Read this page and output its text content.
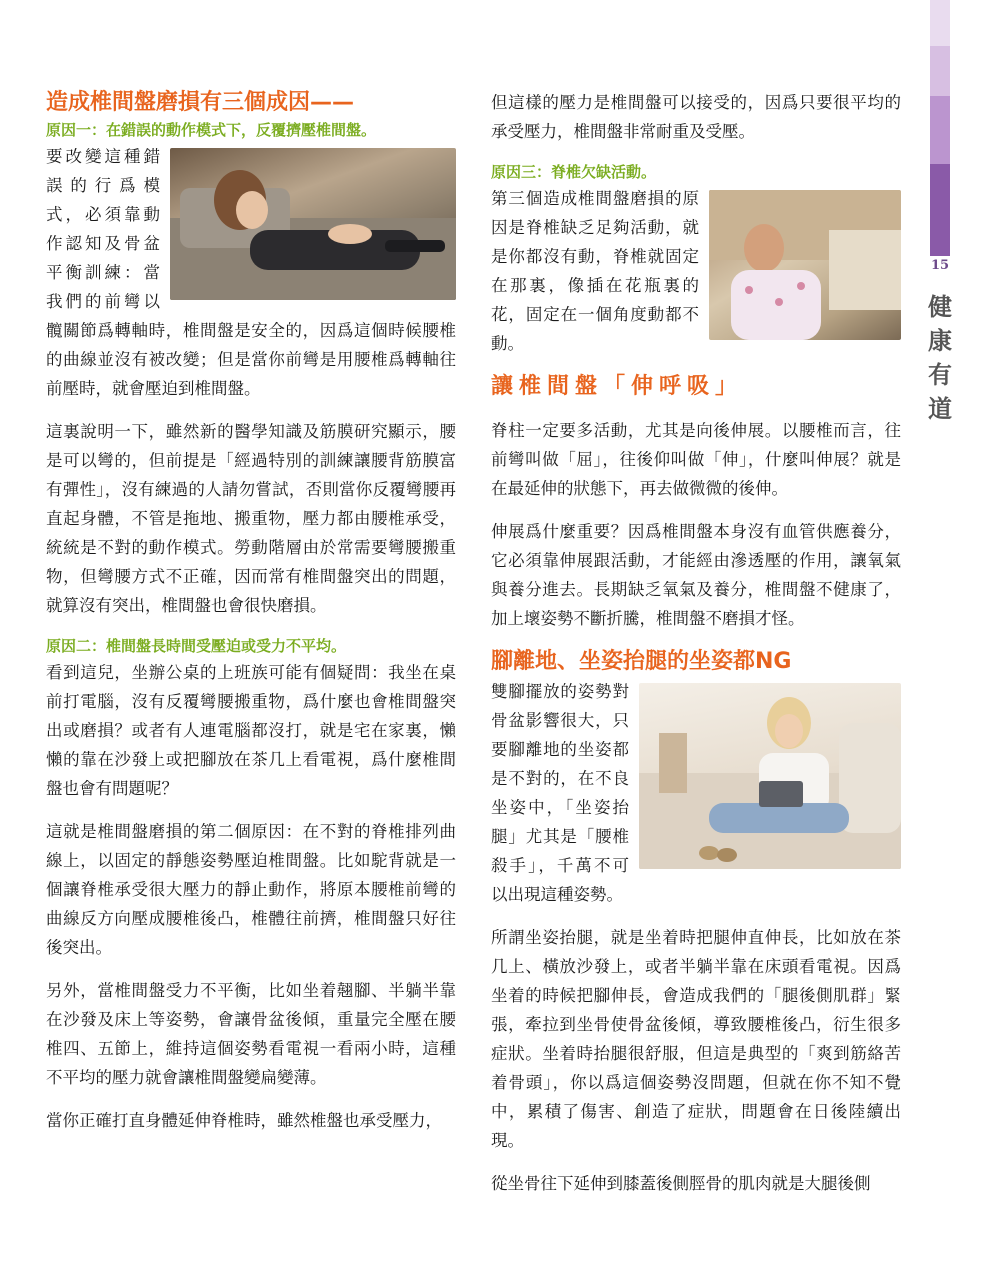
15
健
康
有
道
造成椎間盤磨損有三個成因——
原因一：在錯誤的動作模式下，反覆擠壓椎間盤。

要改變這種錯誤的行爲模式，必須靠動作認知及骨盆平衡訓練：當我們的前彎以髖關節爲轉軸時，椎間盤是安全的，因爲這個時候腰椎的曲線並沒有被改變；但是當你前彎是用腰椎爲轉軸往前壓時，就會壓迫到椎間盤。

這裏說明一下，雖然新的醫學知識及筋膜研究顯示，腰是可以彎的，但前提是「經過特別的訓練讓腰背筋膜富有彈性」，沒有練過的人請勿嘗試，否則當你反覆彎腰再直起身體，不管是拖地、搬重物，壓力都由腰椎承受，統統是不對的動作模式。勞動階層由於常需要彎腰搬重物，但彎腰方式不正確，因而常有椎間盤突出的問題，就算沒有突出，椎間盤也會很快磨損。

原因二：椎間盤長時間受壓迫或受力不平均。

看到這兒，坐辦公桌的上班族可能有個疑問：我坐在桌前打電腦，沒有反覆彎腰搬重物，爲什麼也會椎間盤突出或磨損？或者有人連電腦都沒打，就是宅在家裏，懶懶的靠在沙發上或把腳放在茶几上看電視，爲什麼椎間盤也會有問題呢？

這就是椎間盤磨損的第二個原因：在不對的脊椎排列曲線上，以固定的靜態姿勢壓迫椎間盤。比如駝背就是一個讓脊椎承受很大壓力的靜止動作，將原本腰椎前彎的曲線反方向壓成腰椎後凸，椎體往前擠，椎間盤只好往後突出。

另外，當椎間盤受力不平衡，比如坐着翹腳、半躺半靠在沙發及床上等姿勢，會讓骨盆後傾，重量完全壓在腰椎四、五節上，維持這個姿勢看電視一看兩小時，這種不平均的壓力就會讓椎間盤變扁變薄。

當你正確打直身體延伸脊椎時，雖然椎盤也承受壓力，

但這樣的壓力是椎間盤可以接受的，因爲只要很平均的承受壓力，椎間盤非常耐重及受壓。

原因三：脊椎欠缺活動。

第三個造成椎間盤磨損的原因是脊椎缺乏足夠活動，就是你都沒有動，脊椎就固定在那裏，像插在花瓶裏的花，固定在一個角度動都不動。

讓椎間盤「伸呼吸」

脊柱一定要多活動，尤其是向後伸展。以腰椎而言，往前彎叫做「屈」，往後仰叫做「伸」，什麼叫伸展？就是在最延伸的狀態下，再去做微微的後伸。

伸展爲什麼重要？因爲椎間盤本身沒有血管供應養分，它必須靠伸展跟活動，才能經由滲透壓的作用，讓氧氣與養分進去。長期缺乏氧氣及養分，椎間盤不健康了，加上壞姿勢不斷折騰，椎間盤不磨損才怪。

腳離地、坐姿抬腿的坐姿都NG

雙腳擺放的姿勢對骨盆影響很大，只要腳離地的坐姿都是不對的，在不良坐姿中，「坐姿抬腿」尤其是「腰椎殺手」，千萬不可以出現這種姿勢。

所謂坐姿抬腿，就是坐着時把腿伸直伸長，比如放在茶几上、橫放沙發上，或者半躺半靠在床頭看電視。因爲坐着的時候把腳伸長，會造成我們的「腿後側肌群」緊張，牽拉到坐骨使骨盆後傾，導致腰椎後凸，衍生很多症狀。坐着時抬腿很舒服，但這是典型的「爽到筋絡苦着骨頭」，你以爲這個姿勢沒問題，但就在你不知不覺中，累積了傷害、創造了症狀，問題會在日後陸續出現。

從坐骨往下延伸到膝蓋後側脛骨的肌肉就是大腿後側
